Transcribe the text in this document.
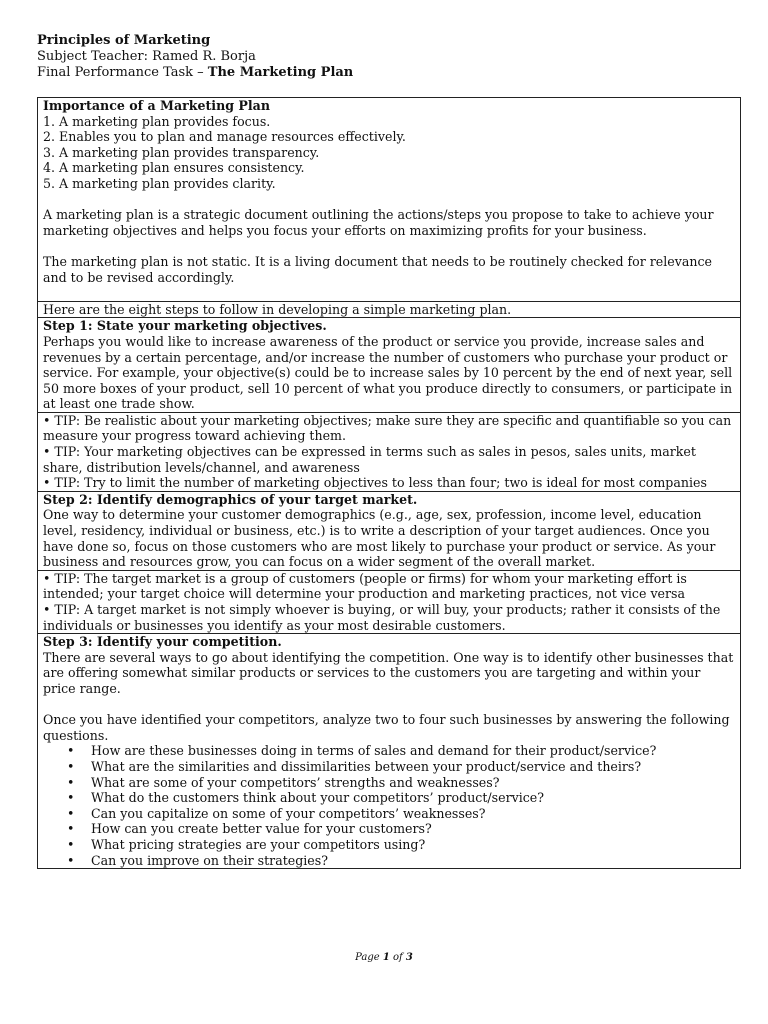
Principles of Marketing
Subject Teacher: Ramed R. Borja
Final Performance Task – The Marketing Plan
Importance of a Marketing Plan
1. A marketing plan provides focus.
2. Enables you to plan and manage resources effectively.
3. A marketing plan provides transparency.
4. A marketing plan ensures consistency.
5. A marketing plan provides clarity.
A marketing plan is a strategic document outlining the actions/steps you propose to take to achieve your marketing objectives and helps you focus your efforts on maximizing profits for your business.
The marketing plan is not static. It is a living document that needs to be routinely checked for relevance and to be revised accordingly.

Here are the eight steps to follow in developing a simple marketing plan.

Step 1: State your marketing objectives.
Perhaps you would like to increase awareness of the product or service you provide, increase sales and revenues by a certain percentage, and/or increase the number of customers who purchase your product or service. For example, your objective(s) could be to increase sales by 10 percent by the end of next year, sell 50 more boxes of your product, sell 10 percent of what you produce directly to consumers, or participate in at least one trade show.

• TIP: Be realistic about your marketing objectives; make sure they are specific and quantifiable so you can measure your progress toward achieving them.
• TIP: Your marketing objectives can be expressed in terms such as sales in pesos, sales units, market share, distribution levels/channel, and awareness
• TIP: Try to limit the number of marketing objectives to less than four; two is ideal for most companies

Step 2: Identify demographics of your target market.
One way to determine your customer demographics (e.g., age, sex, profession, income level, education level, residency, individual or business, etc.) is to write a description of your target audiences. Once you have done so, focus on those customers who are most likely to purchase your product or service. As your business and resources grow, you can focus on a wider segment of the overall market.

• TIP: The target market is a group of customers (people or firms) for whom your marketing effort is intended; your target choice will determine your production and marketing practices, not vice versa
• TIP: A target market is not simply whoever is buying, or will buy, your products; rather it consists of the individuals or businesses you identify as your most desirable customers.

Step 3: Identify your competition.
There are several ways to go about identifying the competition. One way is to identify other businesses that are offering somewhat similar products or services to the customers you are targeting and within your price range.
Once you have identified your competitors, analyze two to four such businesses by answering the following questions.
• How are these businesses doing in terms of sales and demand for their product/service?
• What are the similarities and dissimilarities between your product/service and theirs?
• What are some of your competitors’ strengths and weaknesses?
• What do the customers think about your competitors’ product/service?
• Can you capitalize on some of your competitors’ weaknesses?
• How can you create better value for your customers?
• What pricing strategies are your competitors using?
• Can you improve on their strategies?
Page 1 of 3
